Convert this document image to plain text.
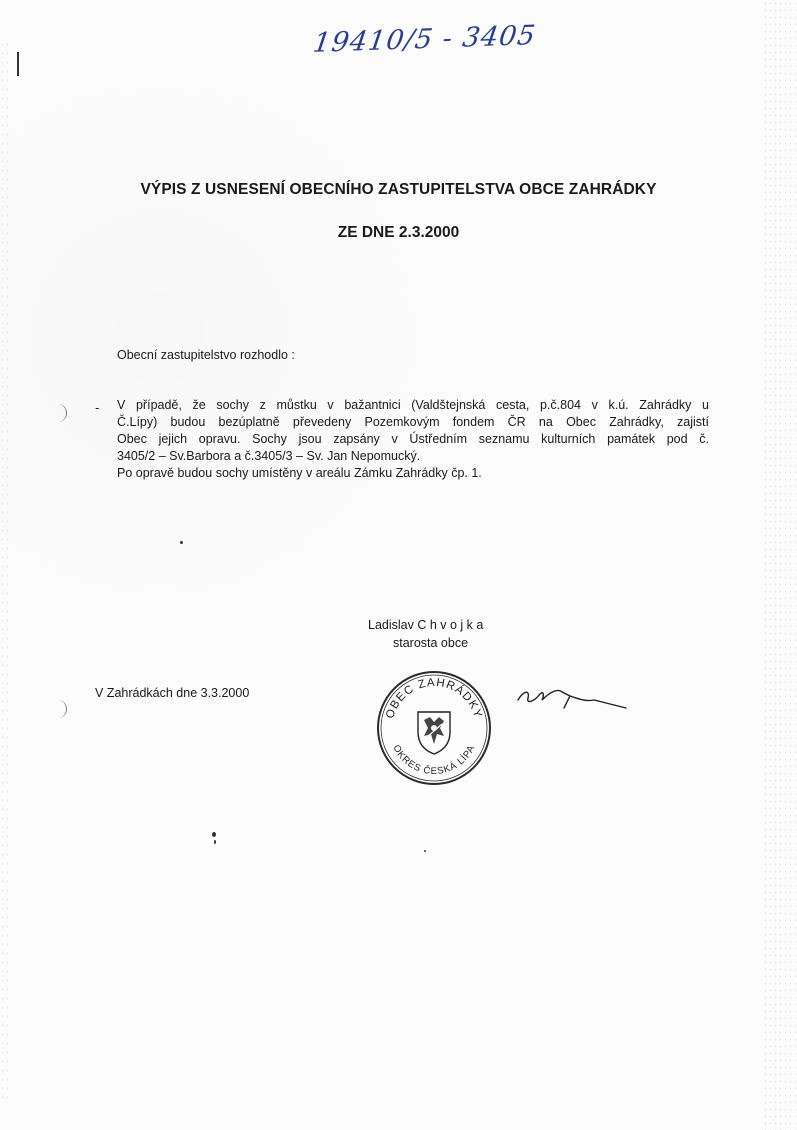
19410/5 - 3405
VÝPIS Z USNESENÍ OBECNÍHO ZASTUPITELSTVA OBCE ZAHRÁDKY
ZE DNE 2.3.2000
Obecní zastupitelstvo rozhodlo :
- V případě, že sochy z můstku v bažantnici (Valdštejnská cesta, p.č.804 v k.ú. Zahrádky u
Č.Lípy) budou bezúplatně převedeny Pozemkovým fondem ČR na Obec Zahrádky, zajistí
Obec jejich opravu. Sochy jsou zapsány v Ústředním seznamu kulturních památek pod č.
3405/2 – Sv.Barbora a č.3405/3 – Sv. Jan Nepomucký.
Po opravě budou sochy umístěny v areálu Zámku Zahrádky čp. 1.
Ladislav C h v o j k a
starosta obce
V Zahrádkách dne 3.3.2000
OBEC ZAHRÁDKY
OKRES ČESKÁ LÍPA
